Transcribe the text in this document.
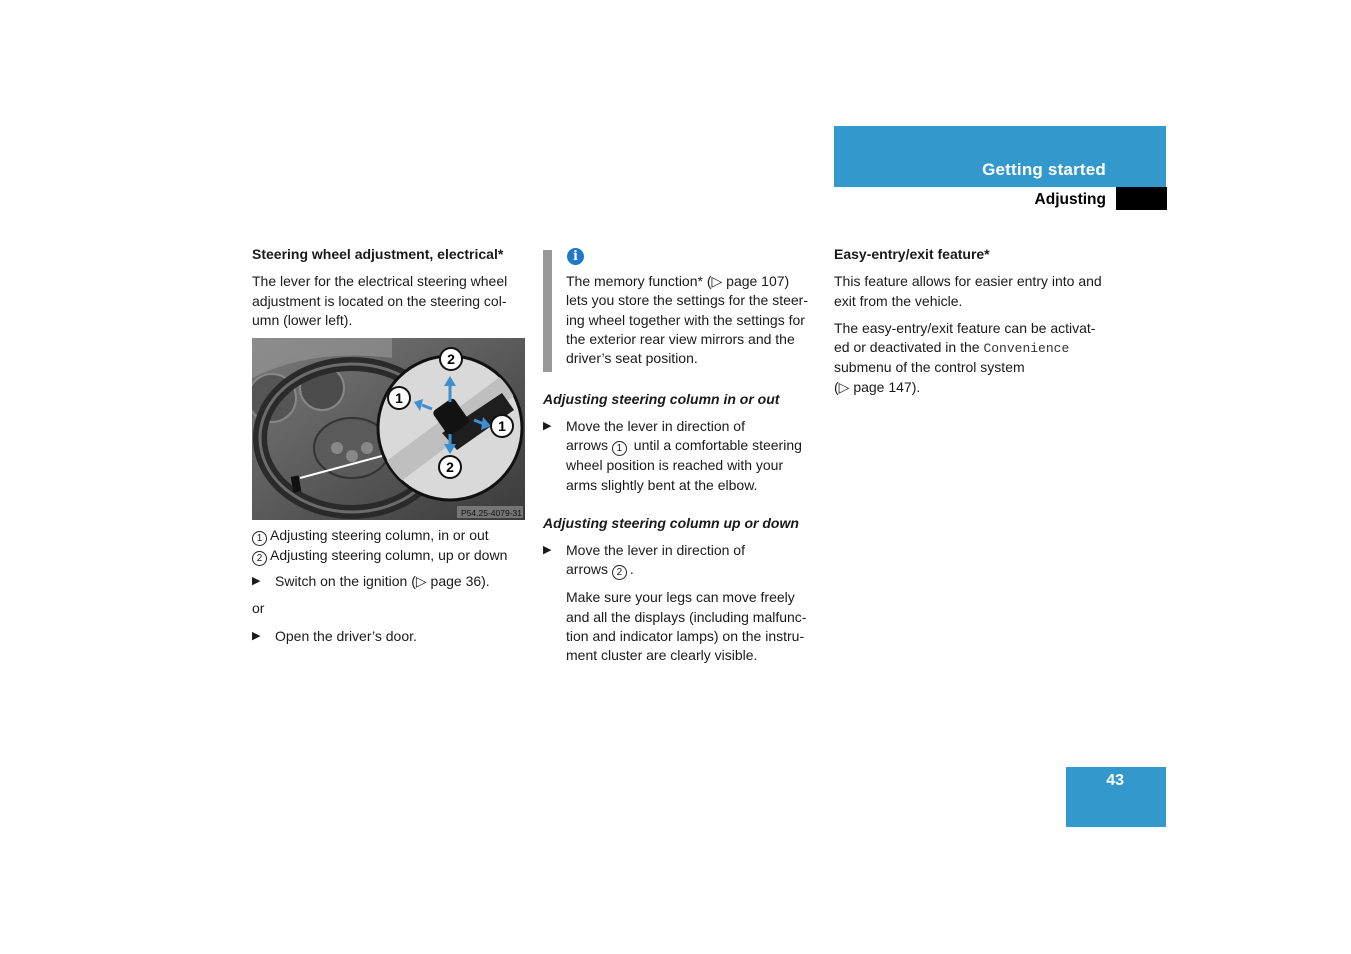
Getting started
Adjusting

Steering wheel adjustment, electrical*

The lever for the electrical steering wheel

adjustment is located on the steering col-

umn (lower left).

2
1
1
2
P54.25-4079-31

1 Adjusting steering column, in or out

2 Adjusting steering column, up or down

▶	Switch on the ignition (▷ page 36).

or
▶	Open the driver’s door.

i

The memory function* (▷ page 107)

lets you store the settings for the steer-

ing wheel together with the settings for

the exterior rear view mirrors and the

driver’s seat position.

Adjusting steering column in or out
▶ Move the lever in direction of

arrows 1 until a comfortable steering

wheel position is reached with your

arms slightly bent at the elbow.

Adjusting steering column up or down
▶ Move the lever in direction of

arrows 2 .

Make sure your legs can move freely

and all the displays (including malfunc-

tion and indicator lamps) on the instru-

ment cluster are clearly visible.

Easy-entry/exit feature*

This feature allows for easier entry into and

exit from the vehicle.

The easy-entry/exit feature can be activat-

ed or deactivated in the Convenience

submenu of the control system

(▷ page 147).

43
